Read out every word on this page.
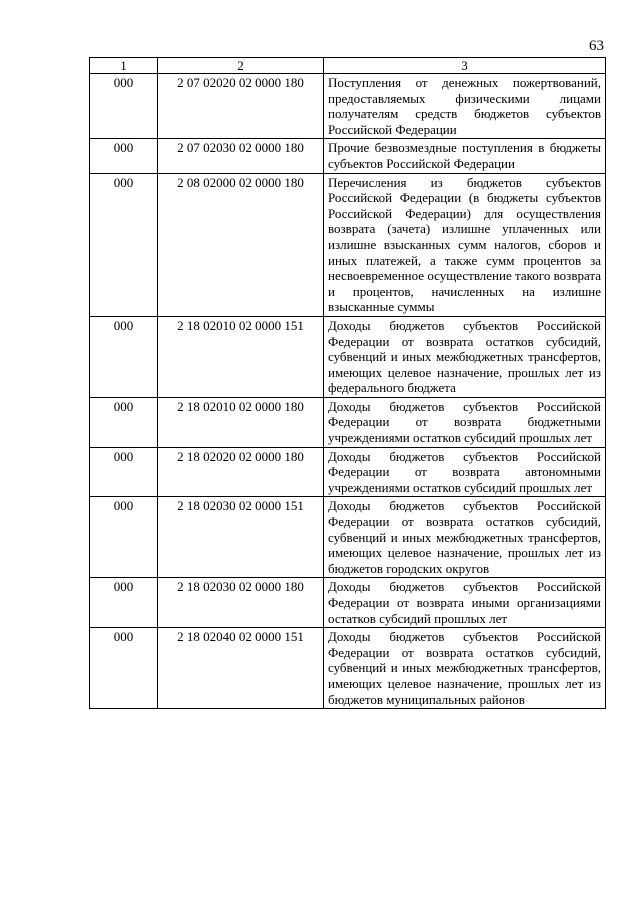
63
1	2	3
000	2 07 02020 02 0000 180	Поступления от денежных пожертвований, предоставляемых физическими лицами получателям средств бюджетов субъектов Российской Федерации
000	2 07 02030 02 0000 180	Прочие безвозмездные поступления в бюджеты субъектов Российской Федерации
000	2 08 02000 02 0000 180	Перечисления из бюджетов субъектов Российской Федерации (в бюджеты субъектов Российской Федерации) для осуществления возврата (зачета) излишне уплаченных или излишне взысканных сумм налогов, сборов и иных платежей, а также сумм процентов за несвоевременное осуществление такого возврата и процентов, начисленных на излишне взысканные суммы
000	2 18 02010 02 0000 151	Доходы бюджетов субъектов Российской Федерации от возврата остатков субсидий, субвенций и иных межбюджетных трансфертов, имеющих целевое назначение, прошлых лет из федерального бюджета
000	2 18 02010 02 0000 180	Доходы бюджетов субъектов Российской Федерации от возврата бюджетными учреждениями остатков субсидий прошлых лет
000	2 18 02020 02 0000 180	Доходы бюджетов субъектов Российской Федерации от возврата автономными учреждениями остатков субсидий прошлых лет
000	2 18 02030 02 0000 151	Доходы бюджетов субъектов Российской Федерации от возврата остатков субсидий, субвенций и иных межбюджетных трансфертов, имеющих целевое назначение, прошлых лет из бюджетов городских округов
000	2 18 02030 02 0000 180	Доходы бюджетов субъектов Российской Федерации от возврата иными организациями остатков субсидий прошлых лет
000	2 18 02040 02 0000 151	Доходы бюджетов субъектов Российской Федерации от возврата остатков субсидий, субвенций и иных межбюджетных трансфертов, имеющих целевое назначение, прошлых лет из бюджетов муниципальных районов
